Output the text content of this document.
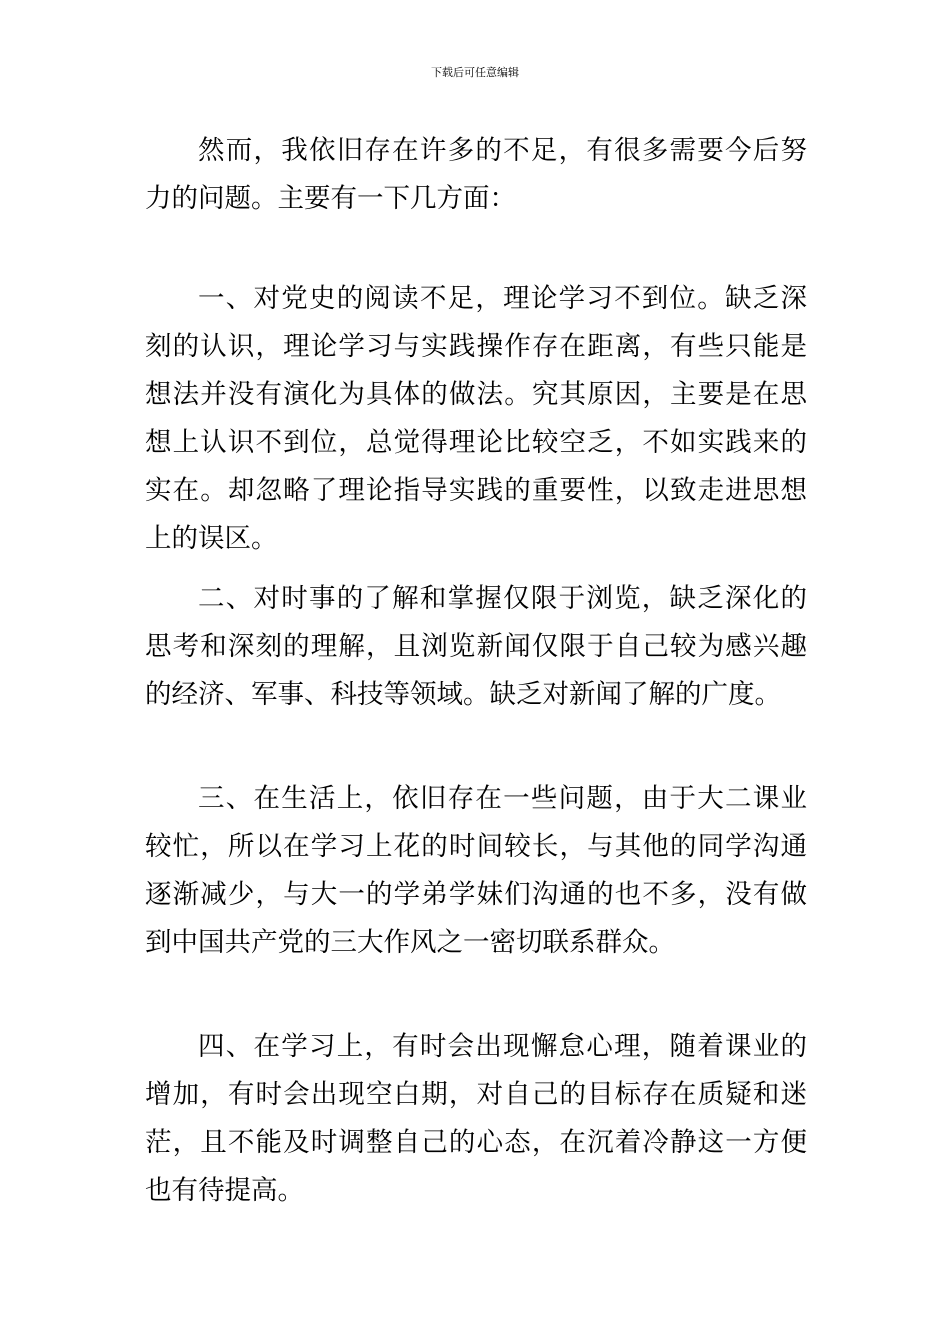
下载后可任意编辑

然而，我依旧存在许多的不足，有很多需要今后努力的问题。主要有一下几方面：

一、对党史的阅读不足，理论学习不到位。缺乏深刻的认识，理论学习与实践操作存在距离，有些只能是想法并没有演化为具体的做法。究其原因，主要是在思想上认识不到位，总觉得理论比较空乏，不如实践来的实在。却忽略了理论指导实践的重要性，以致走进思想上的误区。

二、对时事的了解和掌握仅限于浏览，缺乏深化的思考和深刻的理解，且浏览新闻仅限于自己较为感兴趣的经济、军事、科技等领域。缺乏对新闻了解的广度。

三、在生活上，依旧存在一些问题，由于大二课业较忙，所以在学习上花的时间较长，与其他的同学沟通逐渐减少，与大一的学弟学妹们沟通的也不多，没有做到中国共产党的三大作风之一密切联系群众。

四、在学习上，有时会出现懈怠心理，随着课业的增加，有时会出现空白期，对自己的目标存在质疑和迷茫，且不能及时调整自己的心态，在沉着冷静这一方便也有待提高。
